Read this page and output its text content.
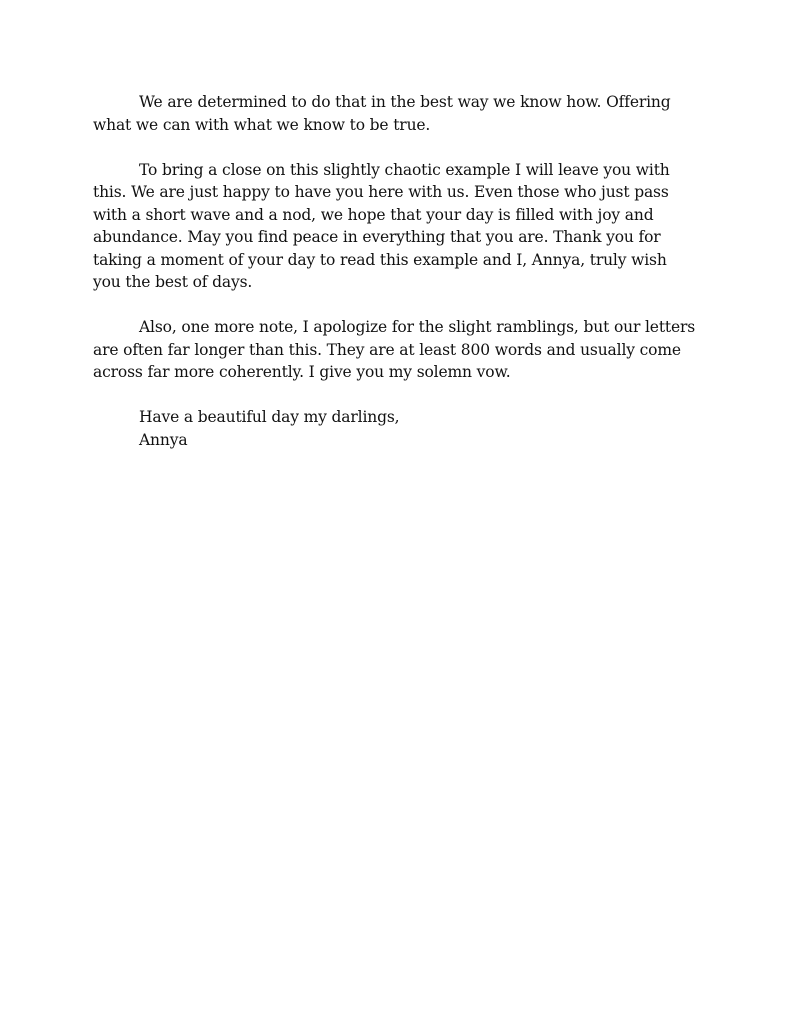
We are determined to do that in the best way we know how. Offering what we can with what we know to be true.

To bring a close on this slightly chaotic example I will leave you with this. We are just happy to have you here with us. Even those who just pass with a short wave and a nod, we hope that your day is filled with joy and abundance. May you find peace in everything that you are. Thank you for taking a moment of your day to read this example and I, Annya, truly wish you the best of days.

Also, one more note, I apologize for the slight ramblings, but our letters are often far longer than this. They are at least 800 words and usually come across far more coherently. I give you my solemn vow.

Have a beautiful day my darlings,
Annya
